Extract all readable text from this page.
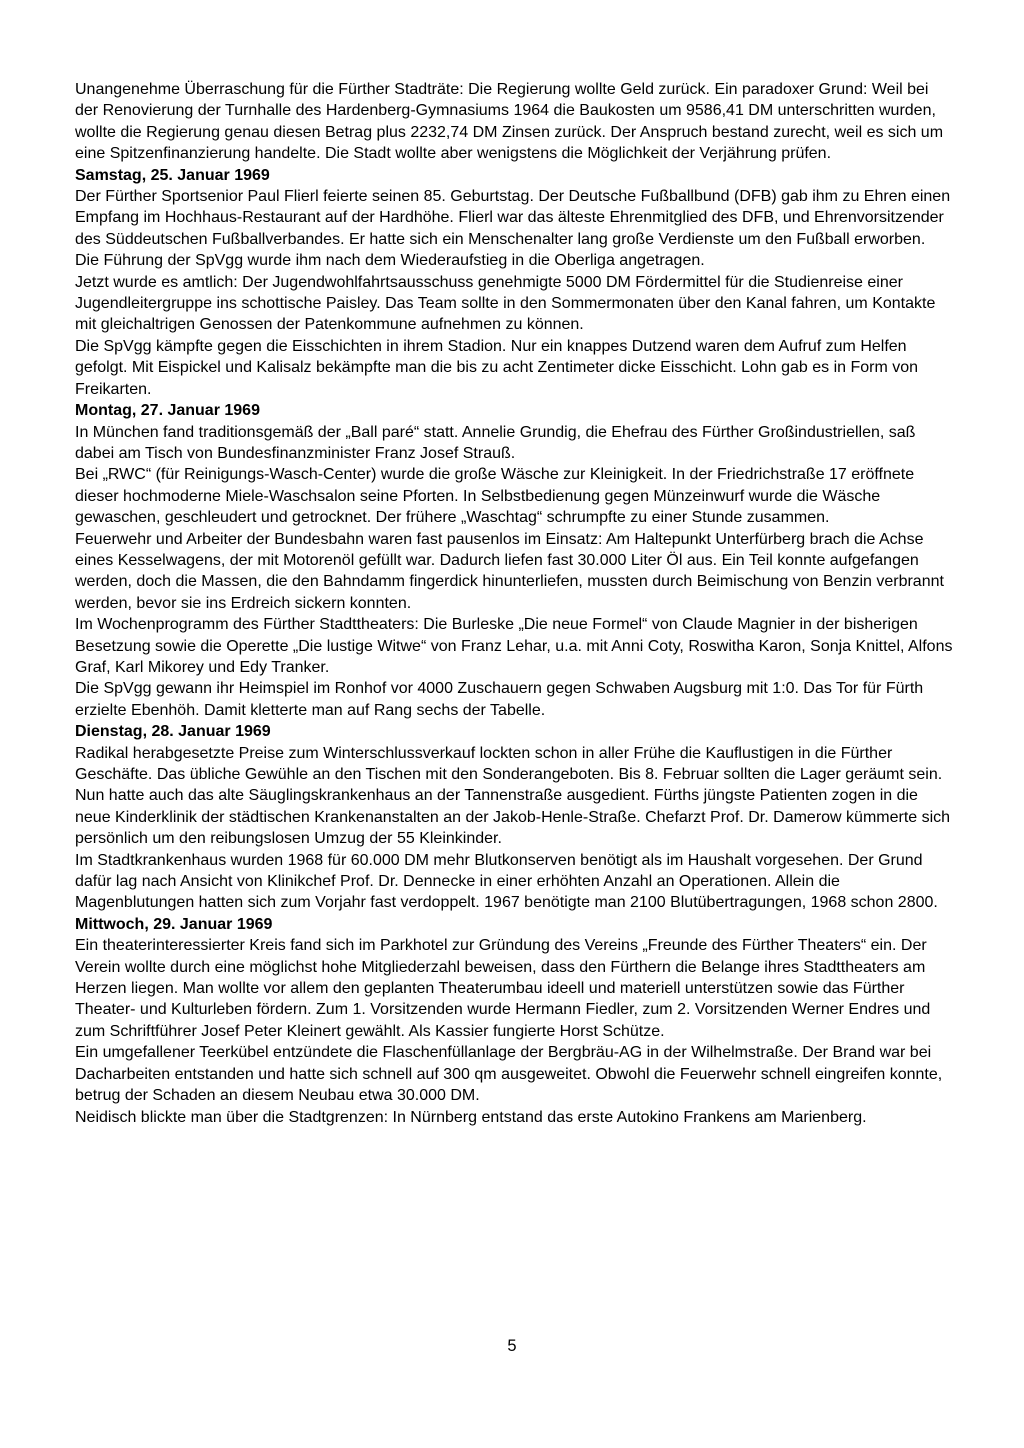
Unangenehme Überraschung für die Fürther Stadträte: Die Regierung wollte Geld zurück. Ein paradoxer Grund: Weil bei der Renovierung der Turnhalle des Hardenberg-Gymnasiums 1964 die Baukosten um 9586,41 DM unterschritten wurden, wollte die Regierung genau diesen Betrag plus 2232,74 DM Zinsen zurück. Der Anspruch bestand zurecht, weil es sich um eine Spitzenfinanzierung handelte. Die Stadt wollte aber wenigstens die Möglichkeit der Verjährung prüfen.

Samstag, 25. Januar 1969

Der Fürther Sportsenior Paul Flierl feierte seinen 85. Geburtstag. Der Deutsche Fußballbund (DFB) gab ihm zu Ehren einen Empfang im Hochhaus-Restaurant auf der Hardhöhe. Flierl war das älteste Ehrenmitglied des DFB, und Ehrenvorsitzender des Süddeutschen Fußballverbandes. Er hatte sich ein Menschenalter lang große Verdienste um den Fußball erworben. Die Führung der SpVgg wurde ihm nach dem Wiederaufstieg in die Oberliga angetragen.

Jetzt wurde es amtlich: Der Jugendwohlfahrtsausschuss genehmigte 5000 DM Fördermittel für die Studienreise einer Jugendleitergruppe ins schottische Paisley. Das Team sollte in den Sommermonaten über den Kanal fahren, um Kontakte mit gleichaltrigen Genossen der Patenkommune aufnehmen zu können.

Die SpVgg kämpfte gegen die Eisschichten in ihrem Stadion. Nur ein knappes Dutzend waren dem Aufruf zum Helfen gefolgt. Mit Eispickel und Kalisalz bekämpfte man die bis zu acht Zentimeter dicke Eisschicht. Lohn gab es in Form von Freikarten.

Montag, 27. Januar 1969

In München fand traditionsgemäß der „Ball paré“ statt. Annelie Grundig, die Ehefrau des Fürther Großindustriellen, saß dabei am Tisch von Bundesfinanzminister Franz Josef Strauß.

Bei „RWC“ (für Reinigungs-Wasch-Center) wurde die große Wäsche zur Kleinigkeit. In der Friedrichstraße 17 eröffnete dieser hochmoderne Miele-Waschsalon seine Pforten. In Selbstbedienung gegen Münzeinwurf wurde die Wäsche gewaschen, geschleudert und getrocknet. Der frühere „Waschtag“ schrumpfte zu einer Stunde zusammen.

Feuerwehr und Arbeiter der Bundesbahn waren fast pausenlos im Einsatz: Am Haltepunkt Unterfürberg brach die Achse eines Kesselwagens, der mit Motorenöl gefüllt war. Dadurch liefen fast 30.000 Liter Öl aus. Ein Teil konnte aufgefangen werden, doch die Massen, die den Bahndamm fingerdick hinunterliefen, mussten durch Beimischung von Benzin verbrannt werden, bevor sie ins Erdreich sickern konnten.

Im Wochenprogramm des Fürther Stadttheaters: Die Burleske „Die neue Formel“ von Claude Magnier in der bisherigen Besetzung sowie die Operette „Die lustige Witwe“ von Franz Lehar, u.a. mit Anni Coty, Roswitha Karon, Sonja Knittel, Alfons Graf, Karl Mikorey und Edy Tranker.

Die SpVgg gewann ihr Heimspiel im Ronhof vor 4000 Zuschauern gegen Schwaben Augsburg mit 1:0. Das Tor für Fürth erzielte Ebenhöh. Damit kletterte man auf Rang sechs der Tabelle.

Dienstag, 28. Januar 1969

Radikal herabgesetzte Preise zum Winterschlussverkauf lockten schon in aller Frühe die Kauflustigen in die Fürther Geschäfte. Das übliche Gewühle an den Tischen mit den Sonderangeboten. Bis 8. Februar sollten die Lager geräumt sein.

Nun hatte auch das alte Säuglingskrankenhaus an der Tannenstraße ausgedient. Fürths jüngste Patienten zogen in die neue Kinderklinik der städtischen Krankenanstalten an der Jakob-Henle-Straße. Chefarzt Prof. Dr. Damerow kümmerte sich persönlich um den reibungslosen Umzug der 55 Kleinkinder.

Im Stadtkrankenhaus wurden 1968 für 60.000 DM mehr Blutkonserven benötigt als im Haushalt vorgesehen. Der Grund dafür lag nach Ansicht von Klinikchef Prof. Dr. Dennecke in einer erhöhten Anzahl an Operationen. Allein die Magenblutungen hatten sich zum Vorjahr fast verdoppelt. 1967 benötigte man 2100 Blutübertragungen, 1968 schon 2800.

Mittwoch, 29. Januar 1969

Ein theaterinteressierter Kreis fand sich im Parkhotel zur Gründung des Vereins „Freunde des Fürther Theaters“ ein. Der Verein wollte durch eine möglichst hohe Mitgliederzahl beweisen, dass den Fürthern die Belange ihres Stadttheaters am Herzen liegen. Man wollte vor allem den geplanten Theaterumbau ideell und materiell unterstützen sowie das Fürther Theater- und Kulturleben fördern. Zum 1. Vorsitzenden wurde Hermann Fiedler, zum 2. Vorsitzenden Werner Endres und zum Schriftführer Josef Peter Kleinert gewählt. Als Kassier fungierte Horst Schütze.

Ein umgefallener Teerkübel entzündete die Flaschenfüllanlage der Bergbräu-AG in der Wilhelmstraße. Der Brand war bei Dacharbeiten entstanden und hatte sich schnell auf 300 qm ausgeweitet. Obwohl die Feuerwehr schnell eingreifen konnte, betrug der Schaden an diesem Neubau etwa 30.000 DM.

Neidisch blickte man über die Stadtgrenzen: In Nürnberg entstand das erste Autokino Frankens am Marienberg.

5
